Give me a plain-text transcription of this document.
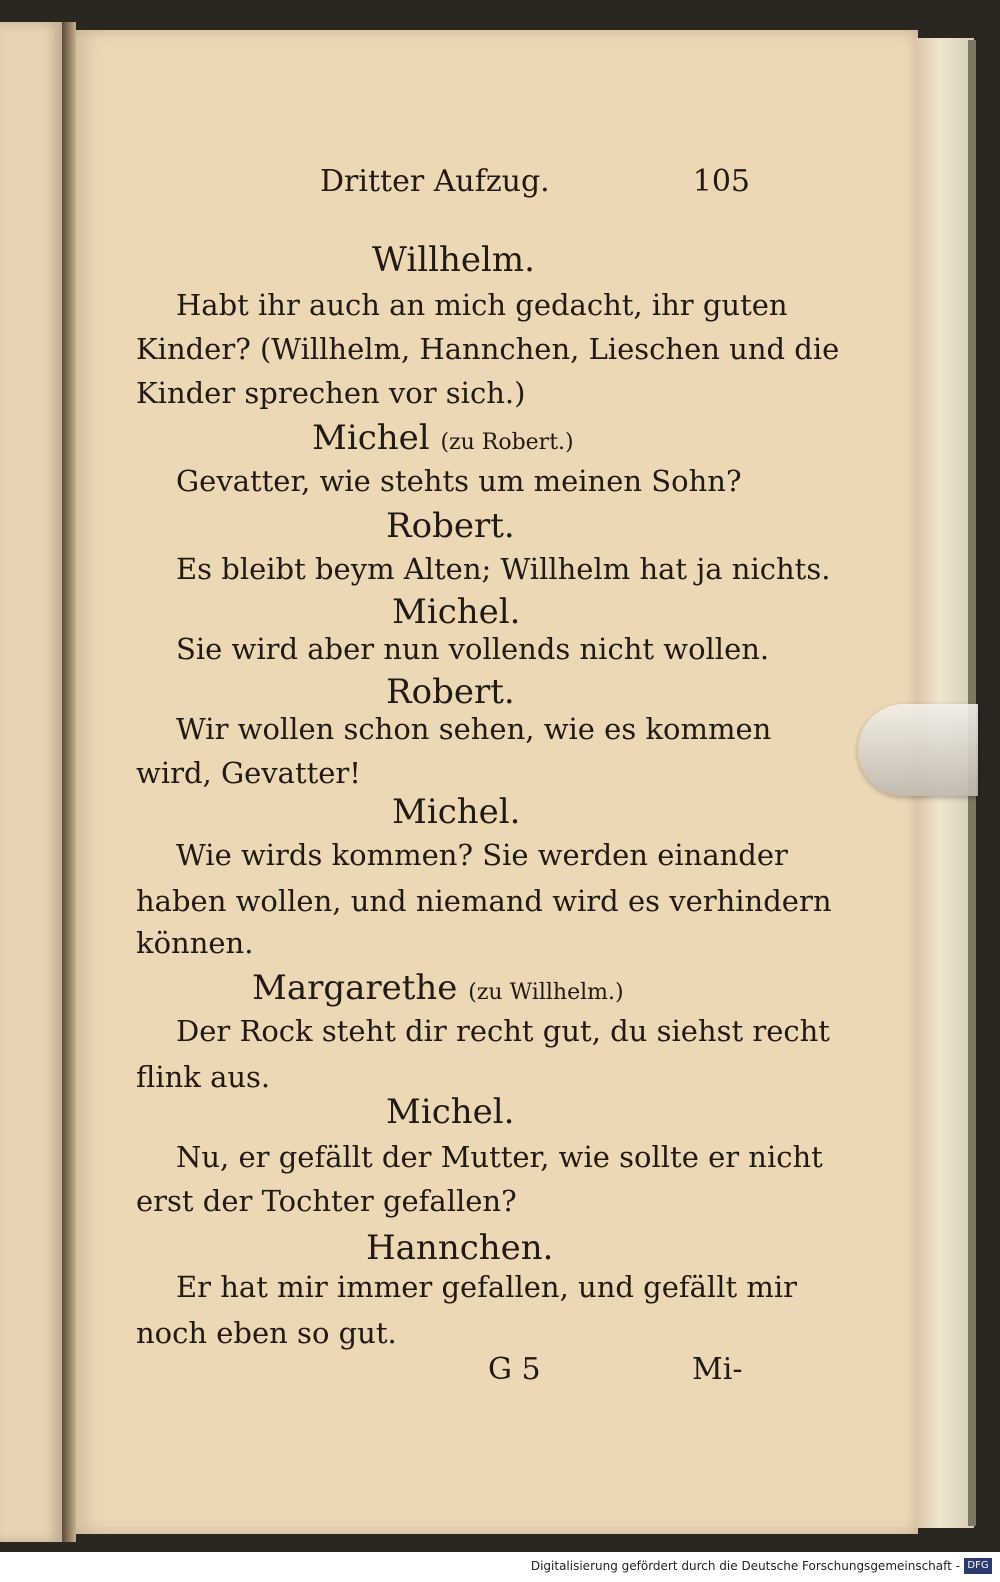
Dritter Aufzug.	105
Willhelm.
Habt ihr auch an mich gedacht, ihr guten
Kinder? (Willhelm, Hannchen, Lieschen und die
Kinder sprechen vor sich.)
Michel (zu Robert.)
Gevatter, wie stehts um meinen Sohn?
Robert.
Es bleibt beym Alten; Willhelm hat ja nichts.
Michel.
Sie wird aber nun vollends nicht wollen.
Robert.
Wir wollen schon sehen, wie es kommen
wird, Gevatter!
Michel.
Wie wirds kommen? Sie werden einander
haben wollen, und niemand wird es verhindern
können.
Margarethe (zu Willhelm.)
Der Rock steht dir recht gut, du siehst recht
flink aus.
Michel.
Nu, er gefällt der Mutter, wie sollte er nicht
erst der Tochter gefallen?
Hannchen.
Er hat mir immer gefallen, und gefällt mir
noch eben so gut.
G 5	Mi-
Digitalisierung gefördert durch die Deutsche Forschungsgemeinschaft - DFG
